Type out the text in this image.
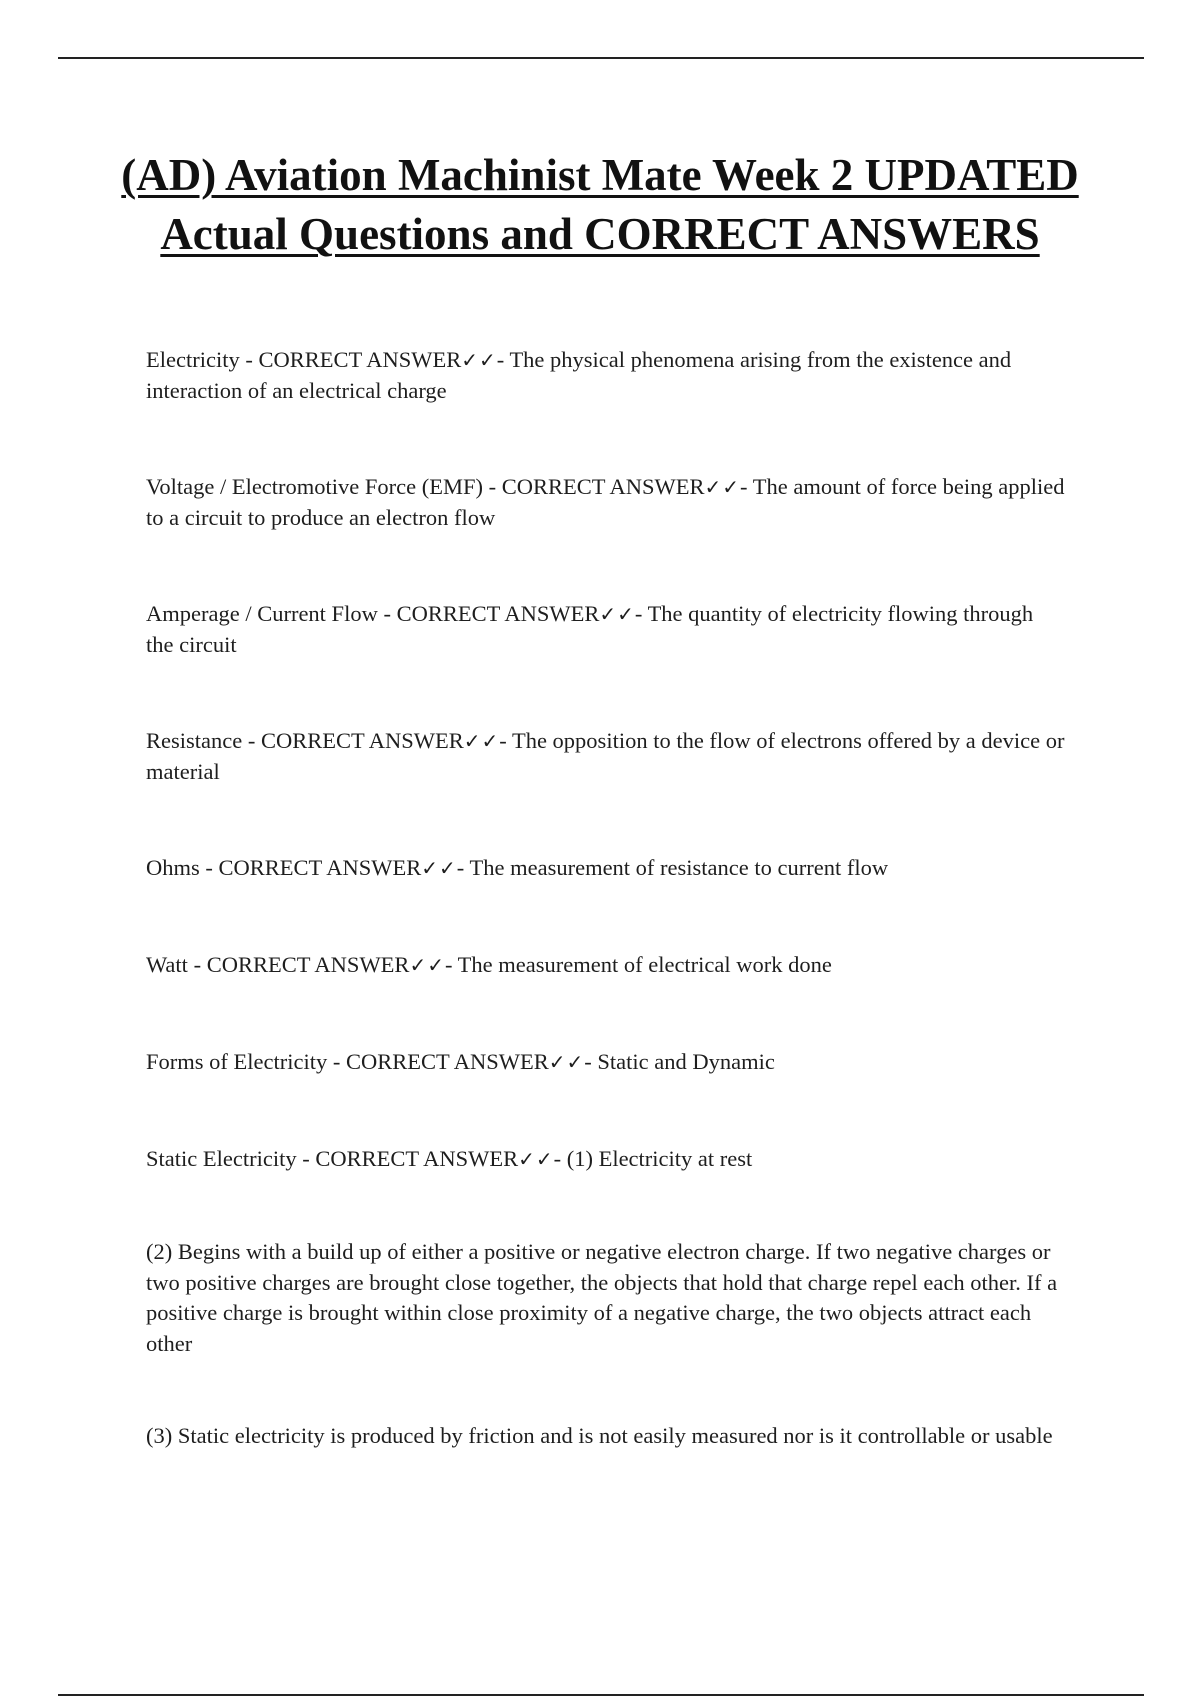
(AD) Aviation Machinist Mate Week 2 UPDATED Actual Questions and CORRECT ANSWERS

Electricity - CORRECT ANSWER✓✓- The physical phenomena arising from the existence and interaction of an electrical charge

Voltage / Electromotive Force (EMF) - CORRECT ANSWER✓✓- The amount of force being applied to a circuit to produce an electron flow

Amperage / Current Flow - CORRECT ANSWER✓✓- The quantity of electricity flowing through the circuit

Resistance - CORRECT ANSWER✓✓- The opposition to the flow of electrons offered by a device or material

Ohms - CORRECT ANSWER✓✓- The measurement of resistance to current flow

Watt - CORRECT ANSWER✓✓- The measurement of electrical work done

Forms of Electricity - CORRECT ANSWER✓✓- Static and Dynamic

Static Electricity - CORRECT ANSWER✓✓- (1) Electricity at rest

(2) Begins with a build up of either a positive or negative electron charge. If two negative charges or two positive charges are brought close together, the objects that hold that charge repel each other. If a positive charge is brought within close proximity of a negative charge, the two objects attract each other

(3) Static electricity is produced by friction and is not easily measured nor is it controllable or usable
